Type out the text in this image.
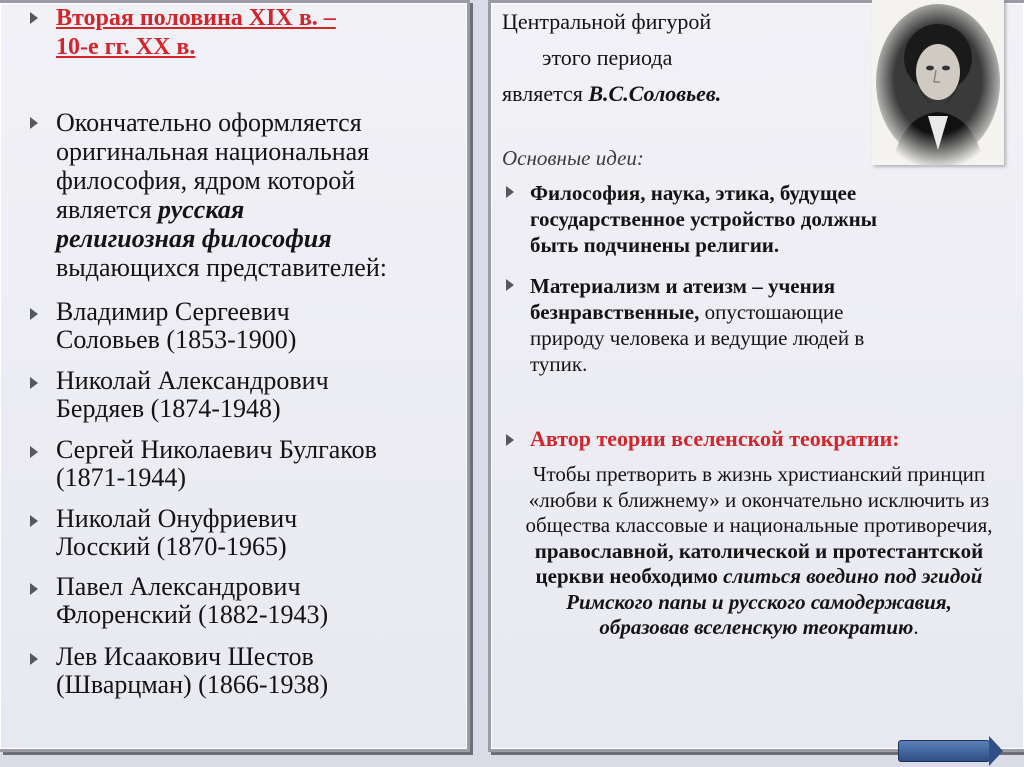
Вторая половина XIX в. –
10-е гг. XX в.
Окончательно оформляется
оригинальная национальная
философия, ядром которой
является русская
религиозная философия
выдающихся представителей:
Владимир Сергеевич
Соловьев (1853-1900)
Николай Александрович
Бердяев (1874-1948)
Сергей Николаевич Булгаков
(1871-1944)
Николай Онуфриевич
Лосский (1870-1965)
Павел Александрович
Флоренский (1882-1943)
Лев Исаакович Шестов
(Шварцман) (1866-1938)
Центральной фигурой
этого периода
является В.С.Соловьев.
Основные идеи:
Философия, наука, этика, будущее
государственное устройство должны
быть подчинены религии.
Материализм и атеизм – учения
безнравственные, опустошающие
природу человека и ведущие людей в
тупик.
Автор теории вселенской теократии:
Чтобы претворить в жизнь христианский принцип «любви к ближнему» и окончательно исключить из общества классовые и национальные противоречия, православной, католической и протестантской церкви необходимо слиться воедино под эгидой Римского папы и русского самодержавия, образовав вселенскую теократию.
